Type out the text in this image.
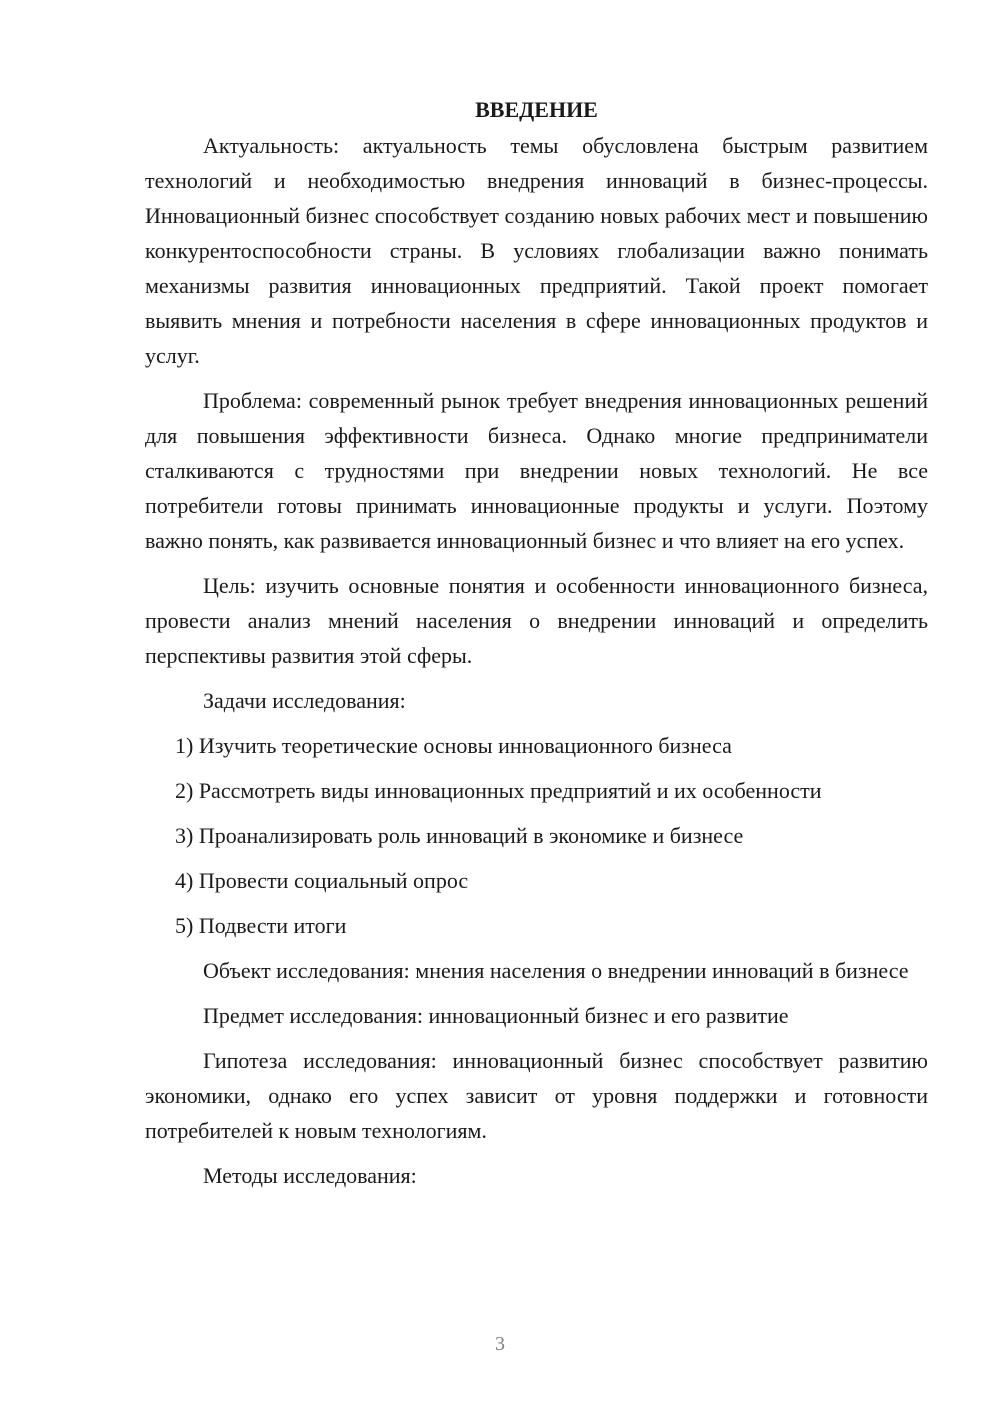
ВВЕДЕНИЕ

Актуальность: актуальность темы обусловлена быстрым развитием технологий и необходимостью внедрения инноваций в бизнес-процессы. Инновационный бизнес способствует созданию новых рабочих мест и повышению конкурентоспособности страны. В условиях глобализации важно понимать механизмы развития инновационных предприятий. Такой проект помогает выявить мнения и потребности населения в сфере инновационных продуктов и услуг.

Проблема: современный рынок требует внедрения инновационных решений для повышения эффективности бизнеса. Однако многие предприниматели сталкиваются с трудностями при внедрении новых технологий. Не все потребители готовы принимать инновационные продукты и услуги. Поэтому важно понять, как развивается инновационный бизнес и что влияет на его успех.

Цель: изучить основные понятия и особенности инновационного бизнеса, провести анализ мнений населения о внедрении инноваций и определить перспективы развития этой сферы.

Задачи исследования:

1) Изучить теоретические основы инновационного бизнеса
2) Рассмотреть виды инновационных предприятий и их особенности
3) Проанализировать роль инноваций в экономике и бизнесе
4) Провести социальный опрос
5) Подвести итоги

Объект исследования: мнения населения о внедрении инноваций в бизнесе

Предмет исследования: инновационный бизнес и его развитие

Гипотеза исследования: инновационный бизнес способствует развитию экономики, однако его успех зависит от уровня поддержки и готовности потребителей к новым технологиям.

Методы исследования:

3
